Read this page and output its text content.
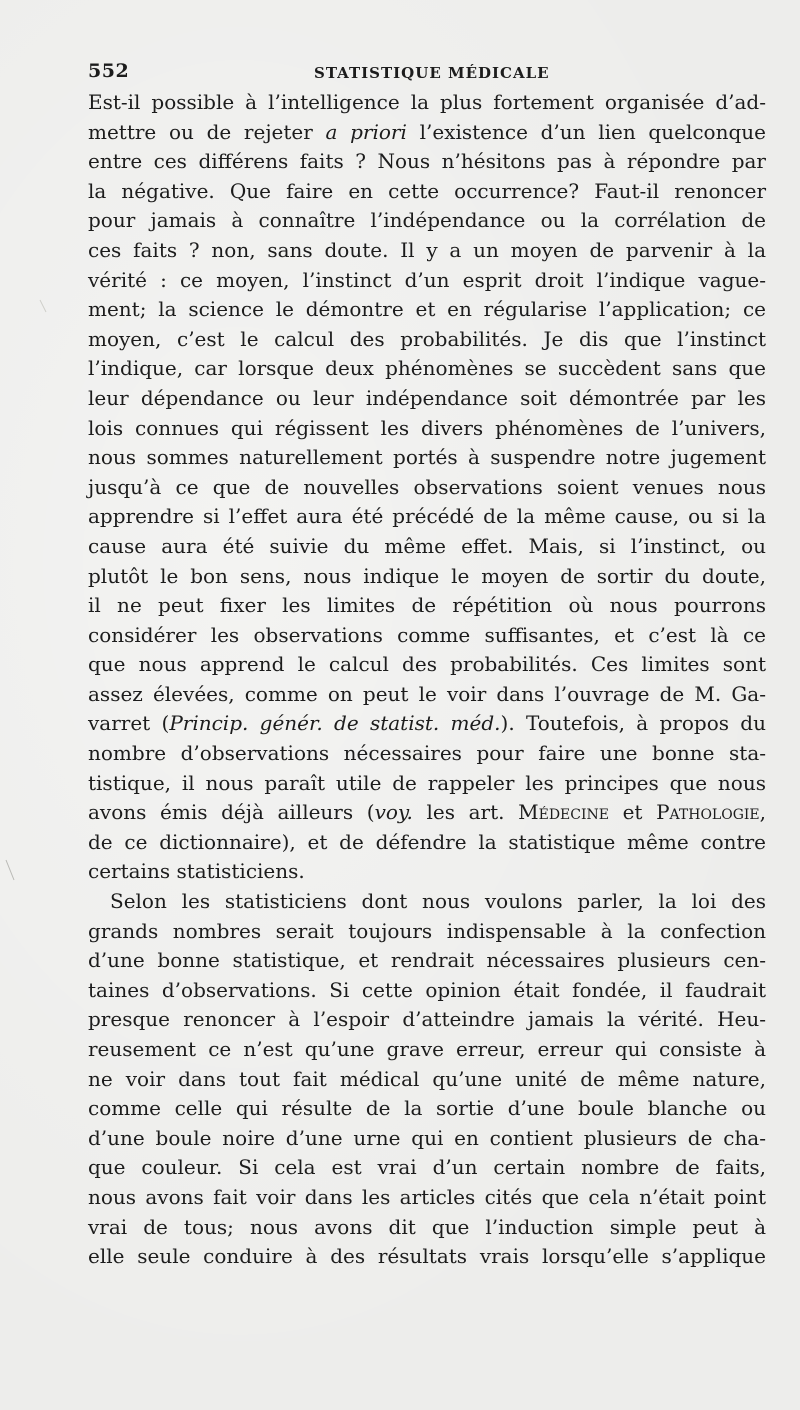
552	STATISTIQUE MÉDICALE
Est-il possible à l’intelligence la plus fortement organisée d’ad-
mettre ou de rejeter a priori l’existence d’un lien quelconque
entre ces différens faits ? Nous n’hésitons pas à répondre par
la négative. Que faire en cette occurrence? Faut-il renoncer
pour jamais à connaître l’indépendance ou la corrélation de
ces faits ? non, sans doute. Il y a un moyen de parvenir à la
vérité : ce moyen, l’instinct d’un esprit droit l’indique vague-
ment; la science le démontre et en régularise l’application; ce
moyen, c’est le calcul des probabilités. Je dis que l’instinct
l’indique, car lorsque deux phénomènes se succèdent sans que
leur dépendance ou leur indépendance soit démontrée par les
lois connues qui régissent les divers phénomènes de l’univers,
nous sommes naturellement portés à suspendre notre jugement
jusqu’à ce que de nouvelles observations soient venues nous
apprendre si l’effet aura été précédé de la même cause, ou si la
cause aura été suivie du même effet. Mais, si l’instinct, ou
plutôt le bon sens, nous indique le moyen de sortir du doute,
il ne peut fixer les limites de répétition où nous pourrons
considérer les observations comme suffisantes, et c’est là ce
que nous apprend le calcul des probabilités. Ces limites sont
assez élevées, comme on peut le voir dans l’ouvrage de M. Ga-
varret (Princip. génér. de statist. méd.). Toutefois, à propos du
nombre d’observations nécessaires pour faire une bonne sta-
tistique, il nous paraît utile de rappeler les principes que nous
avons émis déjà ailleurs (voy. les art. Médecine et Pathologie,
de ce dictionnaire), et de défendre la statistique même contre
certains statisticiens.
Selon les statisticiens dont nous voulons parler, la loi des
grands nombres serait toujours indispensable à la confection
d’une bonne statistique, et rendrait nécessaires plusieurs cen-
taines d’observations. Si cette opinion était fondée, il faudrait
presque renoncer à l’espoir d’atteindre jamais la vérité. Heu-
reusement ce n’est qu’une grave erreur, erreur qui consiste à
ne voir dans tout fait médical qu’une unité de même nature,
comme celle qui résulte de la sortie d’une boule blanche ou
d’une boule noire d’une urne qui en contient plusieurs de cha-
que couleur. Si cela est vrai d’un certain nombre de faits,
nous avons fait voir dans les articles cités que cela n’était point
vrai de tous; nous avons dit que l’induction simple peut à
elle seule conduire à des résultats vrais lorsqu’elle s’applique
